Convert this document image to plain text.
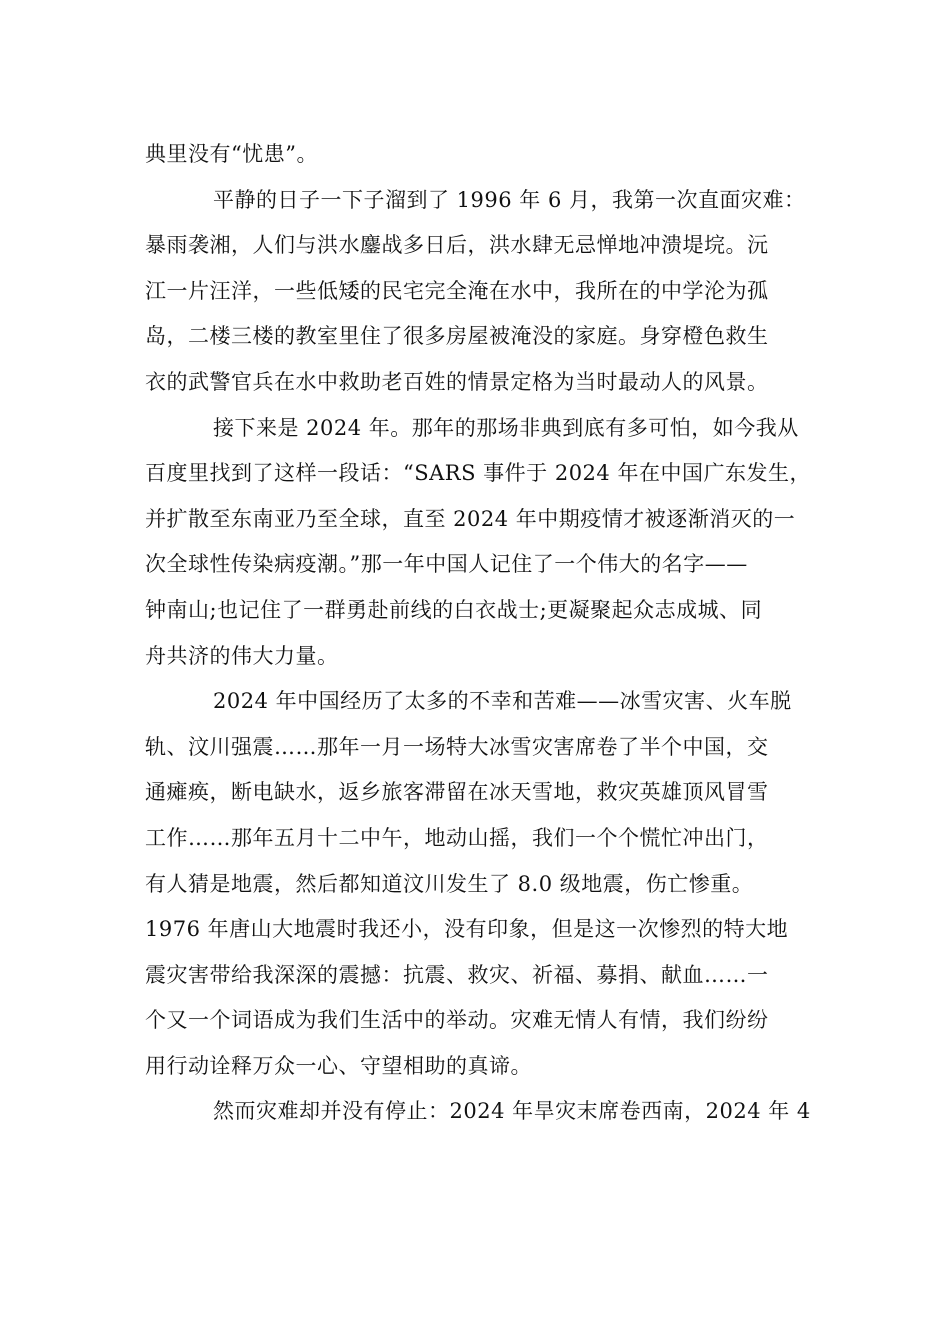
典里没有“忧患”。
平静的日子一下子溜到了 1996 年 6 月，我第一次直面灾难：
暴雨袭湘，人们与洪水鏖战多日后，洪水肆无忌惮地冲溃堤垸。沅
江一片汪洋，一些低矮的民宅完全淹在水中，我所在的中学沦为孤
岛，二楼三楼的教室里住了很多房屋被淹没的家庭。身穿橙色救生
衣的武警官兵在水中救助老百姓的情景定格为当时最动人的风景。
接下来是 2024 年。那年的那场非典到底有多可怕，如今我从
百度里找到了这样一段话：“SARS 事件于 2024 年在中国广东发生，
并扩散至东南亚乃至全球，直至 2024 年中期疫情才被逐渐消灭的一
次全球性传染病疫潮。”那一年中国人记住了一个伟大的名字——
钟南山;也记住了一群勇赴前线的白衣战士;更凝聚起众志成城、同
舟共济的伟大力量。
2024 年中国经历了太多的不幸和苦难——冰雪灾害、火车脱
轨、汶川强震……那年一月一场特大冰雪灾害席卷了半个中国，交
通瘫痪，断电缺水，返乡旅客滞留在冰天雪地，救灾英雄顶风冒雪
工作……那年五月十二中午，地动山摇，我们一个个慌忙冲出门，
有人猜是地震，然后都知道汶川发生了 8.0 级地震，伤亡惨重。
1976 年唐山大地震时我还小，没有印象，但是这一次惨烈的特大地
震灾害带给我深深的震撼：抗震、救灾、祈福、募捐、献血……一
个又一个词语成为我们生活中的举动。灾难无情人有情，我们纷纷
用行动诠释万众一心、守望相助的真谛。
然而灾难却并没有停止：2024 年旱灾末席卷西南，2024 年 4
